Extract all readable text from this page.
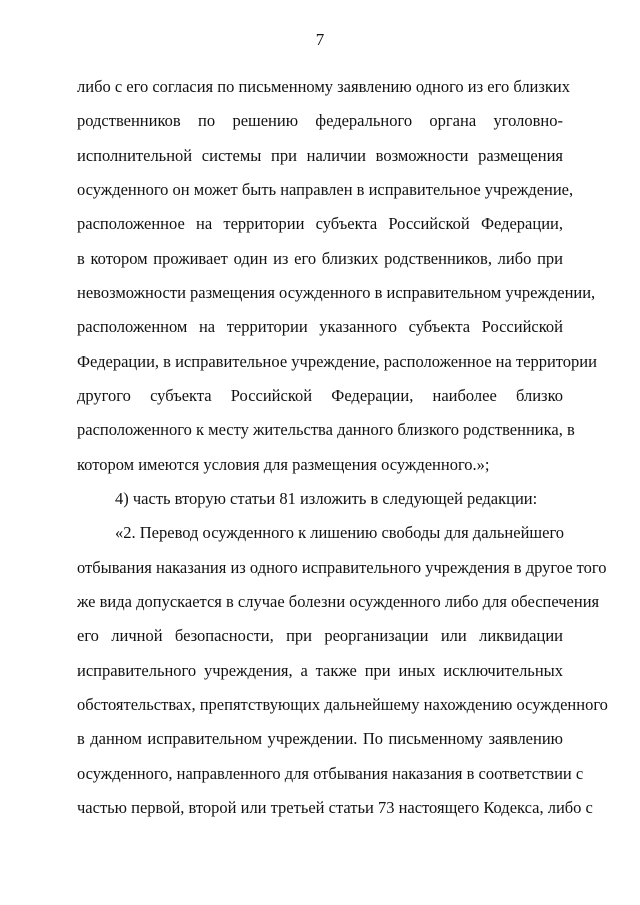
7
либо с его согласия по письменному заявлению одного из его близких
родственников по решению федерального органа уголовно-
исполнительной системы при наличии возможности размещения
осужденного он может быть направлен в исправительное учреждение,
расположенное на территории субъекта Российской Федерации,
в котором проживает один из его близких родственников, либо при
невозможности размещения осужденного в исправительном учреждении,
расположенном на территории указанного субъекта Российской
Федерации, в исправительное учреждение, расположенное на территории
другого субъекта Российской Федерации, наиболее близко
расположенного к месту жительства данного близкого родственника, в
котором имеются условия для размещения осужденного.»;
4) часть вторую статьи 81 изложить в следующей редакции:
«2. Перевод осужденного к лишению свободы для дальнейшего
отбывания наказания из одного исправительного учреждения в другое того
же вида допускается в случае болезни осужденного либо для обеспечения
его личной безопасности, при реорганизации или ликвидации
исправительного учреждения, а также при иных исключительных
обстоятельствах, препятствующих дальнейшему нахождению осужденного
в данном исправительном учреждении. По письменному заявлению
осужденного, направленного для отбывания наказания в соответствии с
частью первой, второй или третьей статьи 73 настоящего Кодекса, либо с
